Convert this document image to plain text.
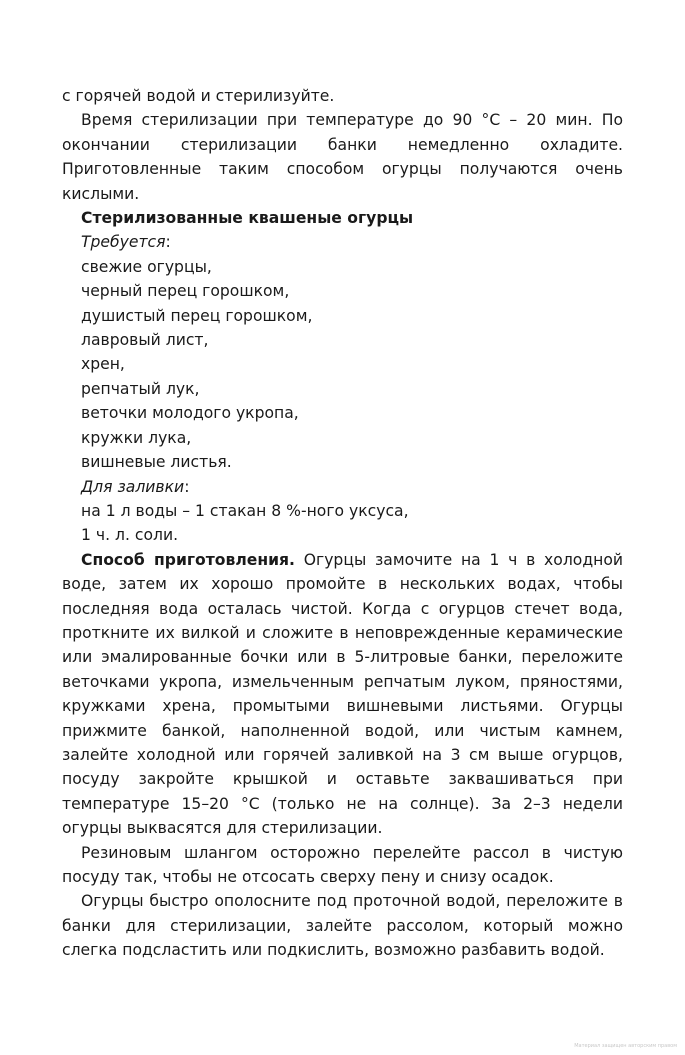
с горячей водой и стерилизуйте.

Время стерилизации при температуре до 90 °С – 20 мин. По окончании стерилизации банки немедленно охладите. Приготовленные таким способом огурцы получаются очень кислыми.

Стерилизованные квашеные огурцы

Требуется:

свежие огурцы,

черный перец горошком,

душистый перец горошком,

лавровый лист,

хрен,

репчатый лук,

веточки молодого укропа,

кружки лука,

вишневые листья.

Для заливки:

на 1 л воды – 1 стакан 8 %-ного уксуса,

1 ч. л. соли.

Способ приготовления. Огурцы замочите на 1 ч в холодной воде, затем их хорошо промойте в нескольких водах, чтобы последняя вода осталась чистой. Когда с огурцов стечет вода, проткните их вилкой и сложите в неповрежденные керамические или эмалированные бочки или в 5-литровые банки, переложите веточками укропа, измельченным репчатым луком, пряностями, кружками хрена, промытыми вишневыми листьями. Огурцы прижмите банкой, наполненной водой, или чистым камнем, залейте холодной или горячей заливкой на 3 см выше огурцов, посуду закройте крышкой и оставьте заквашиваться при температуре 15–20 °С (только не на солнце). За 2–3 недели огурцы выквасятся для стерилизации.

Резиновым шлангом осторожно перелейте рассол в чистую посуду так, чтобы не отсосать сверху пену и снизу осадок.

Огурцы быстро ополосните под проточной водой, переложите в банки для стерилизации, залейте рассолом, который можно слегка подсластить или подкислить, возможно разбавить водой.

Материал защищен авторским правом
